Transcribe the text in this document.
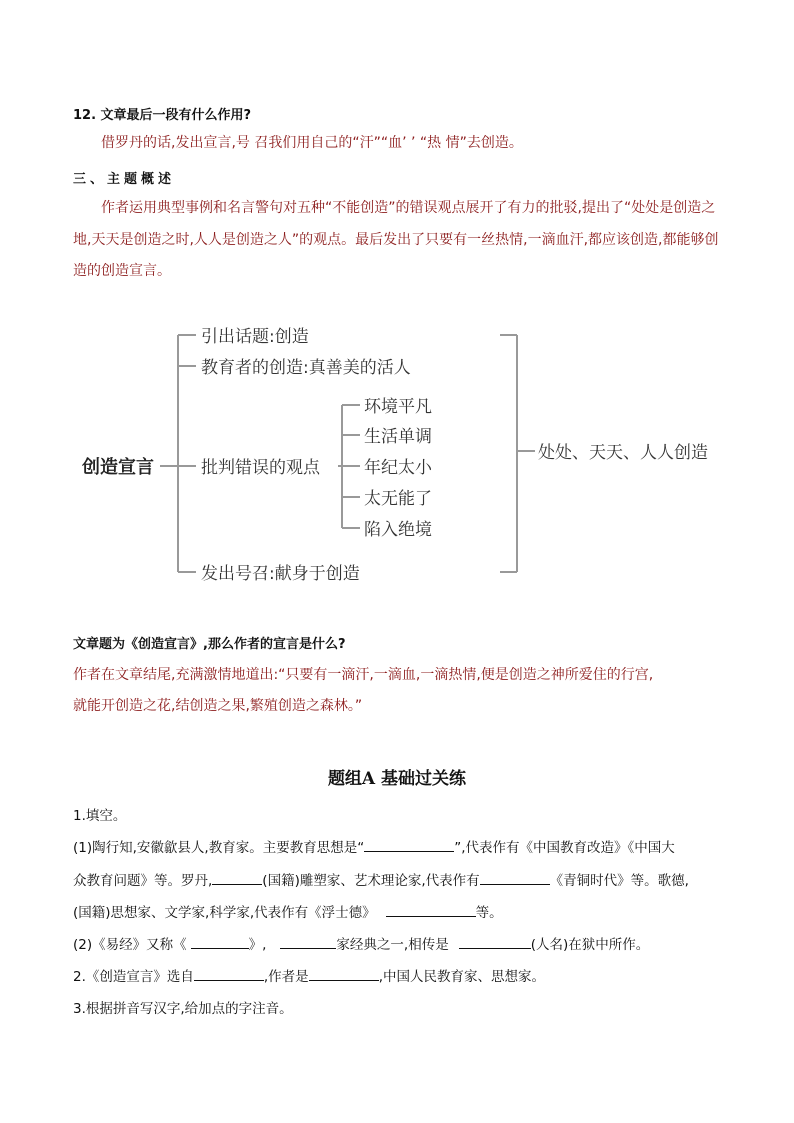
12. 文章最后一段有什么作用?
借罗丹的话,发出宣言,号 召我们用自己的“汗”“血’ ’ “热 情”去创造。
三、主题概述
作者运用典型事例和名言警句对五种“不能创造”的错误观点展开了有力的批驳,提出了“处处是创造之地,天天是创造之时,人人是创造之人”的观点。最后发出了只要有一丝热情,一滴血汗,都应该创造,都能够创造的创造宣言。
创造宣言
引出话题:创造
教育者的创造:真善美的活人
批判错误的观点
发出号召:献身于创造
环境平凡
生活单调
年纪太小
太无能了
陷入绝境
处处、天天、人人创造
文章题为《创造宣言》,那么作者的宣言是什么?
作者在文章结尾,充满激情地道出:“只要有一滴汗,一滴血,一滴热情,便是创造之神所爱住的行宫,
就能开创造之花,结创造之果,繁殖创造之森林。”
题组A 基础过关练
1.填空。
(1)陶行知,安徽歙县人,教育家。主要教育思想是“	”,代表作有《中国教育改造》《中国大
众教育问题》等。罗丹,	(国籍)雕塑家、艺术理论家,代表作有	《青铜时代》等。歌德,
(国籍)思想家、文学家,科学家,代表作有《浮士德》	等。
(2)《易经》又称《	》,	家经典之一,相传是	(人名)在狱中所作。
2.《创造宣言》选自	,作者是	,中国人民教育家、思想家。
3.根据拼音写汉字,给加点的字注音。
